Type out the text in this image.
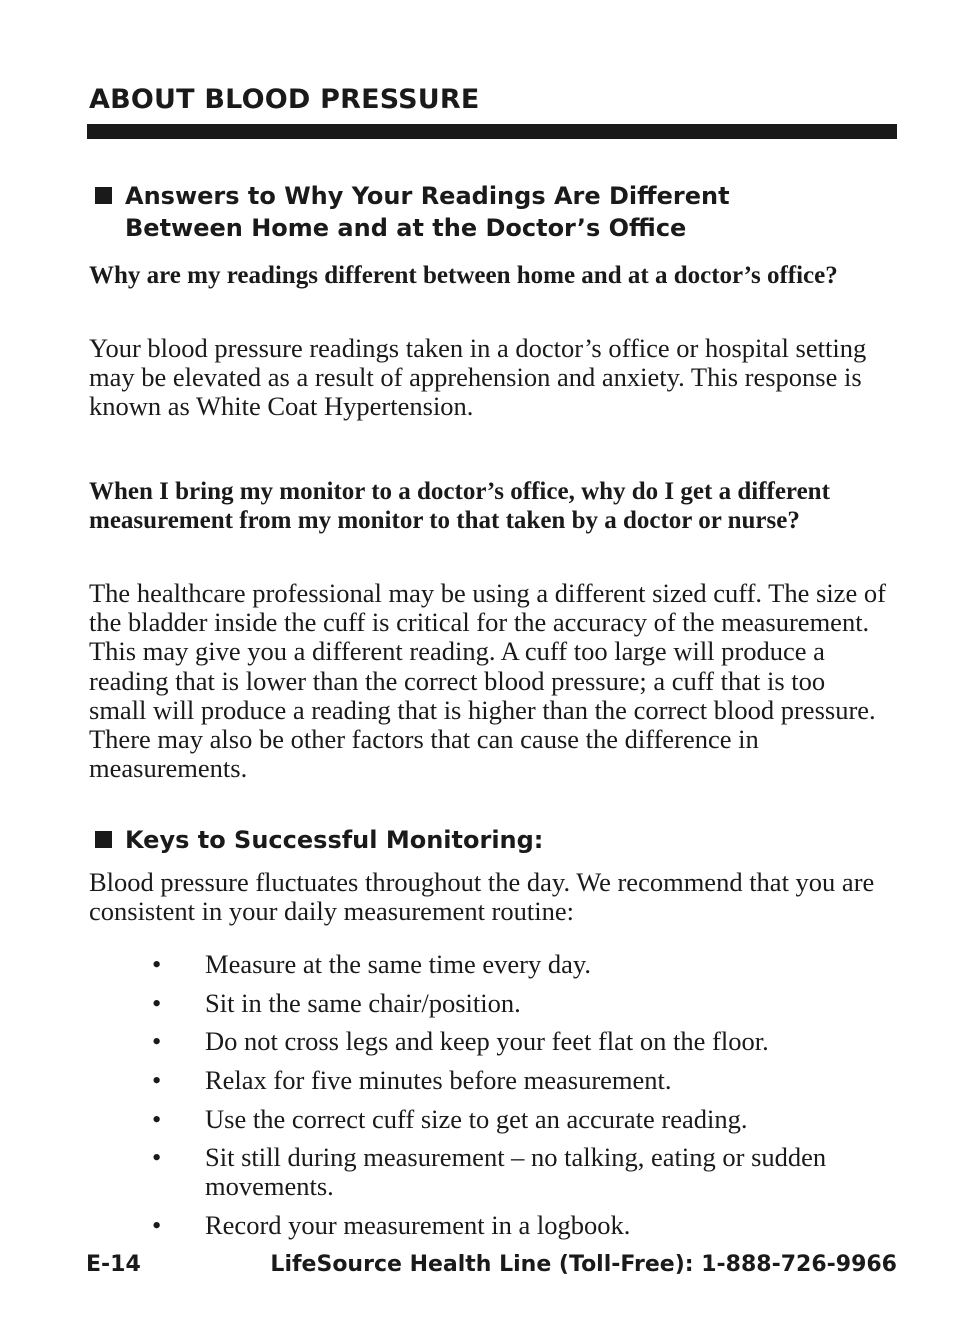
ABOUT BLOOD PRESSURE
Answers to Why Your Readings Are Different
Between Home and at the Doctor’s Office

Why are my readings different between home and at a doctor’s office?

Your blood pressure readings taken in a doctor’s office or hospital setting may be elevated as a result of apprehension and anxiety. This response is known as White Coat Hypertension.

When I bring my monitor to a doctor’s office, why do I get a different measurement from my monitor to that taken by a doctor or nurse?

The healthcare professional may be using a different sized cuff. The size of the bladder inside the cuff is critical for the accuracy of the measurement. This may give you a different reading. A cuff too large will produce a reading that is lower than the correct blood pressure; a cuff that is too small will produce a reading that is higher than the correct blood pressure. There may also be other factors that can cause the difference in measurements.

Keys to Successful Monitoring:

Blood pressure fluctuates throughout the day. We recommend that you are consistent in your daily measurement routine:

• Measure at the same time every day.
• Sit in the same chair/position.
• Do not cross legs and keep your feet flat on the floor.
• Relax for five minutes before measurement.
• Use the correct cuff size to get an accurate reading.
• Sit still during measurement – no talking, eating or sudden movements.
• Record your measurement in a logbook.

E-14	LifeSource Health Line (Toll-Free): 1-888-726-9966
